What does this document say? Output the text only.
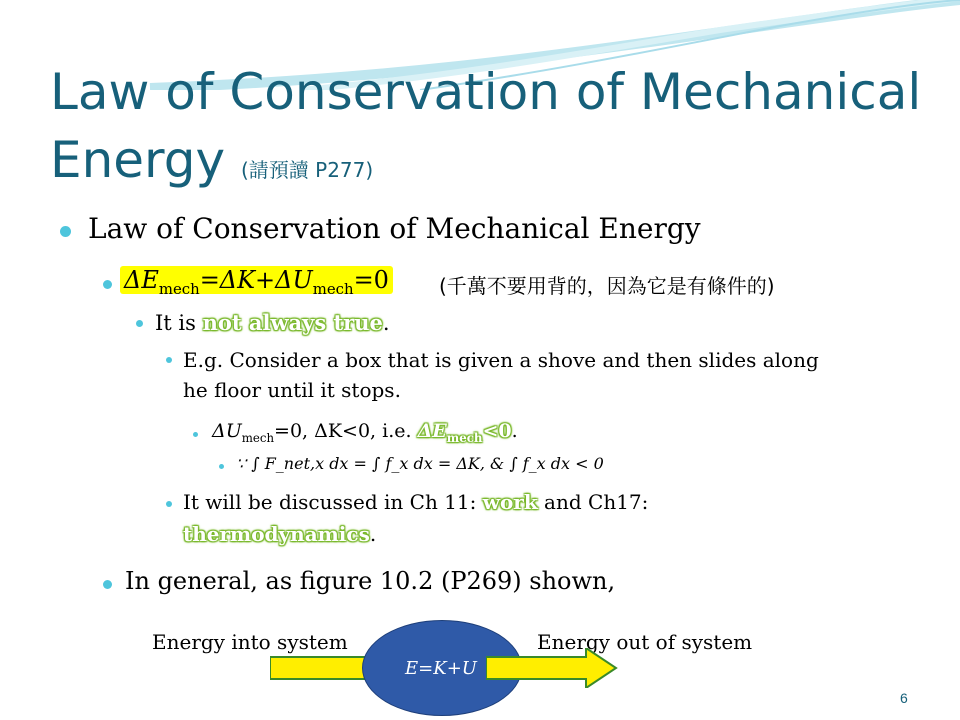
Law of Conservation of Mechanical Energy (請預讀 P277)
Law of Conservation of Mechanical Energy
$\Delta E_{mech}=\Delta K+\Delta U_{mech}=0$	(千萬不要用背的，因為它是有條件的)
It is not always true.
E.g. Consider a box that is given a shove and then slides along
he floor until it stops.
$\Delta U_{mech}=0$, ΔK<0, i.e. $\Delta E_{mech}<0$.
∵ ∫ F_net,x dx = ∫ f_x dx = ΔK, & ∫ f_x dx < 0
It will be discussed in Ch 11: work and Ch17:
thermodynamics.
In general, as figure 10.2 (P269) shown,
Energy into system	Energy out of system
E=K+U
6
